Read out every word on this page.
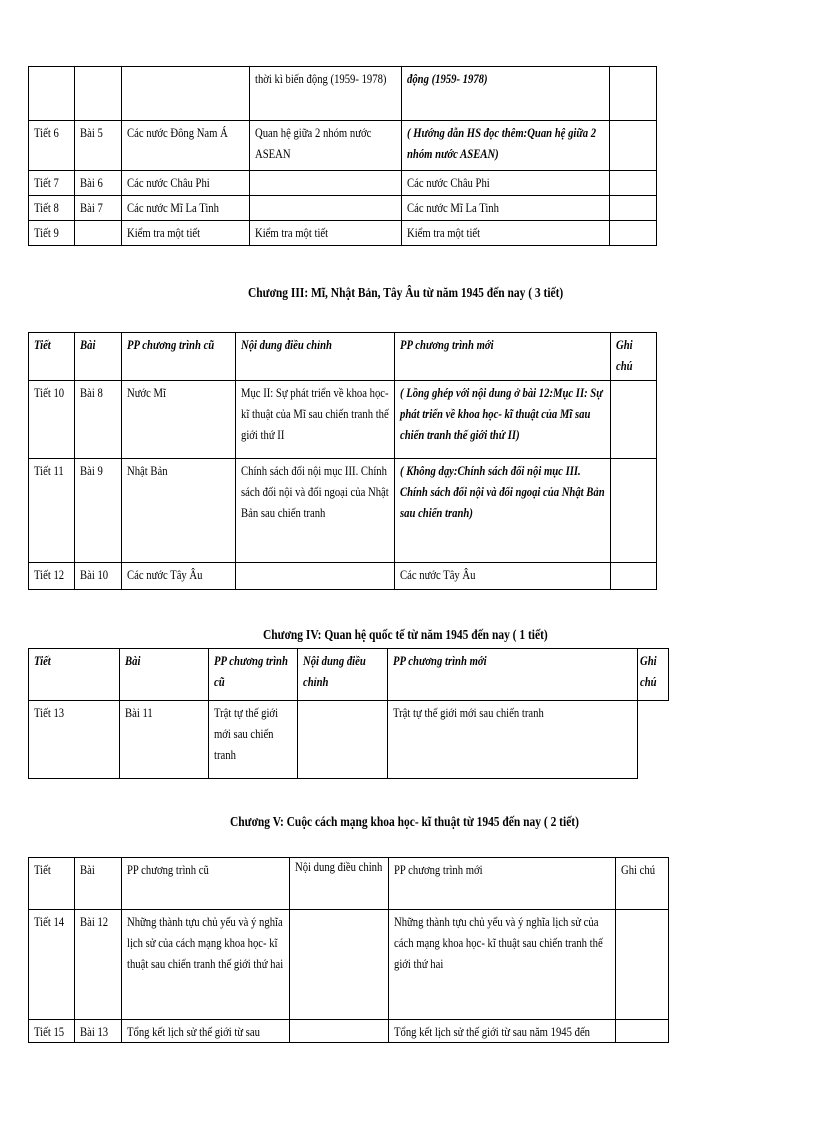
			thời kì biến động (1959- 1978)	động (1959- 1978)	
Tiết 6	Bài 5	Các nước Đông Nam Á	Quan hệ giữa 2 nhóm nước ASEAN	( Hướng dẫn HS đọc thêm:Quan hệ giữa 2 nhóm nước ASEAN)	
Tiết 7	Bài 6	Các nước Châu Phi		Các nước Châu Phi	
Tiết 8	Bài 7	Các nước Mĩ La Tinh		Các nước Mĩ La Tinh	
Tiết 9		Kiểm tra một tiết	Kiểm tra một tiết	Kiểm tra một tiết	
Chương III: Mĩ, Nhật Bản, Tây Âu từ năm 1945 đến nay ( 3 tiết)
Tiết	Bài	PP chương trình cũ	Nội dung điều chỉnh	PP chương trình mới	Ghi chú
Tiết 10	Bài 8	Nước Mĩ	Mục II: Sự phát triển về khoa học- kĩ thuật của Mĩ sau chiến tranh thế giới thứ II	( Lồng ghép với nội dung ở bài 12:Mục II: Sự phát triển về khoa học- kĩ thuật của Mĩ sau chiến tranh thế giới thứ II)	
Tiết 11	Bài 9	Nhật Bản	Chính sách đối nội mục III. Chính sách đối nội và đối ngoại của Nhật Bản sau chiến tranh	( Không dạy:Chính sách đối nội mục III. Chính sách đối nội và đối ngoại của Nhật Bản sau chiến tranh)	
Tiết 12	Bài 10	Các nước Tây Âu		Các nước Tây Âu	
Chương IV: Quan hệ quốc tế từ năm 1945 đến nay ( 1 tiết)
Tiết	Bài	PP chương trình cũ	Nội dung điều chỉnh	PP chương trình mới	Ghi chú
Tiết 13	Bài 11	Trật tự thế giới mới sau chiến tranh		Trật tự thế giới mới sau chiến tranh	
Chương V: Cuộc cách mạng khoa học- kĩ thuật từ 1945 đến nay ( 2 tiết)
Tiết	Bài	PP chương trình cũ	Nội dung điều chỉnh	PP chương trình mới	Ghi chú
Tiết 14	Bài 12	Những thành tựu chủ yếu và ý nghĩa lịch sử của cách mạng khoa học- kĩ thuật sau chiến tranh thế giới thứ hai		Những thành tựu chủ yếu và ý nghĩa lịch sử của cách mạng khoa học- kĩ thuật sau chiến tranh thế giới thứ hai	
Tiết 15	Bài 13	Tổng kết lịch sử thế giới từ sau		Tổng kết lịch sử thế giới từ sau năm 1945 đến	
